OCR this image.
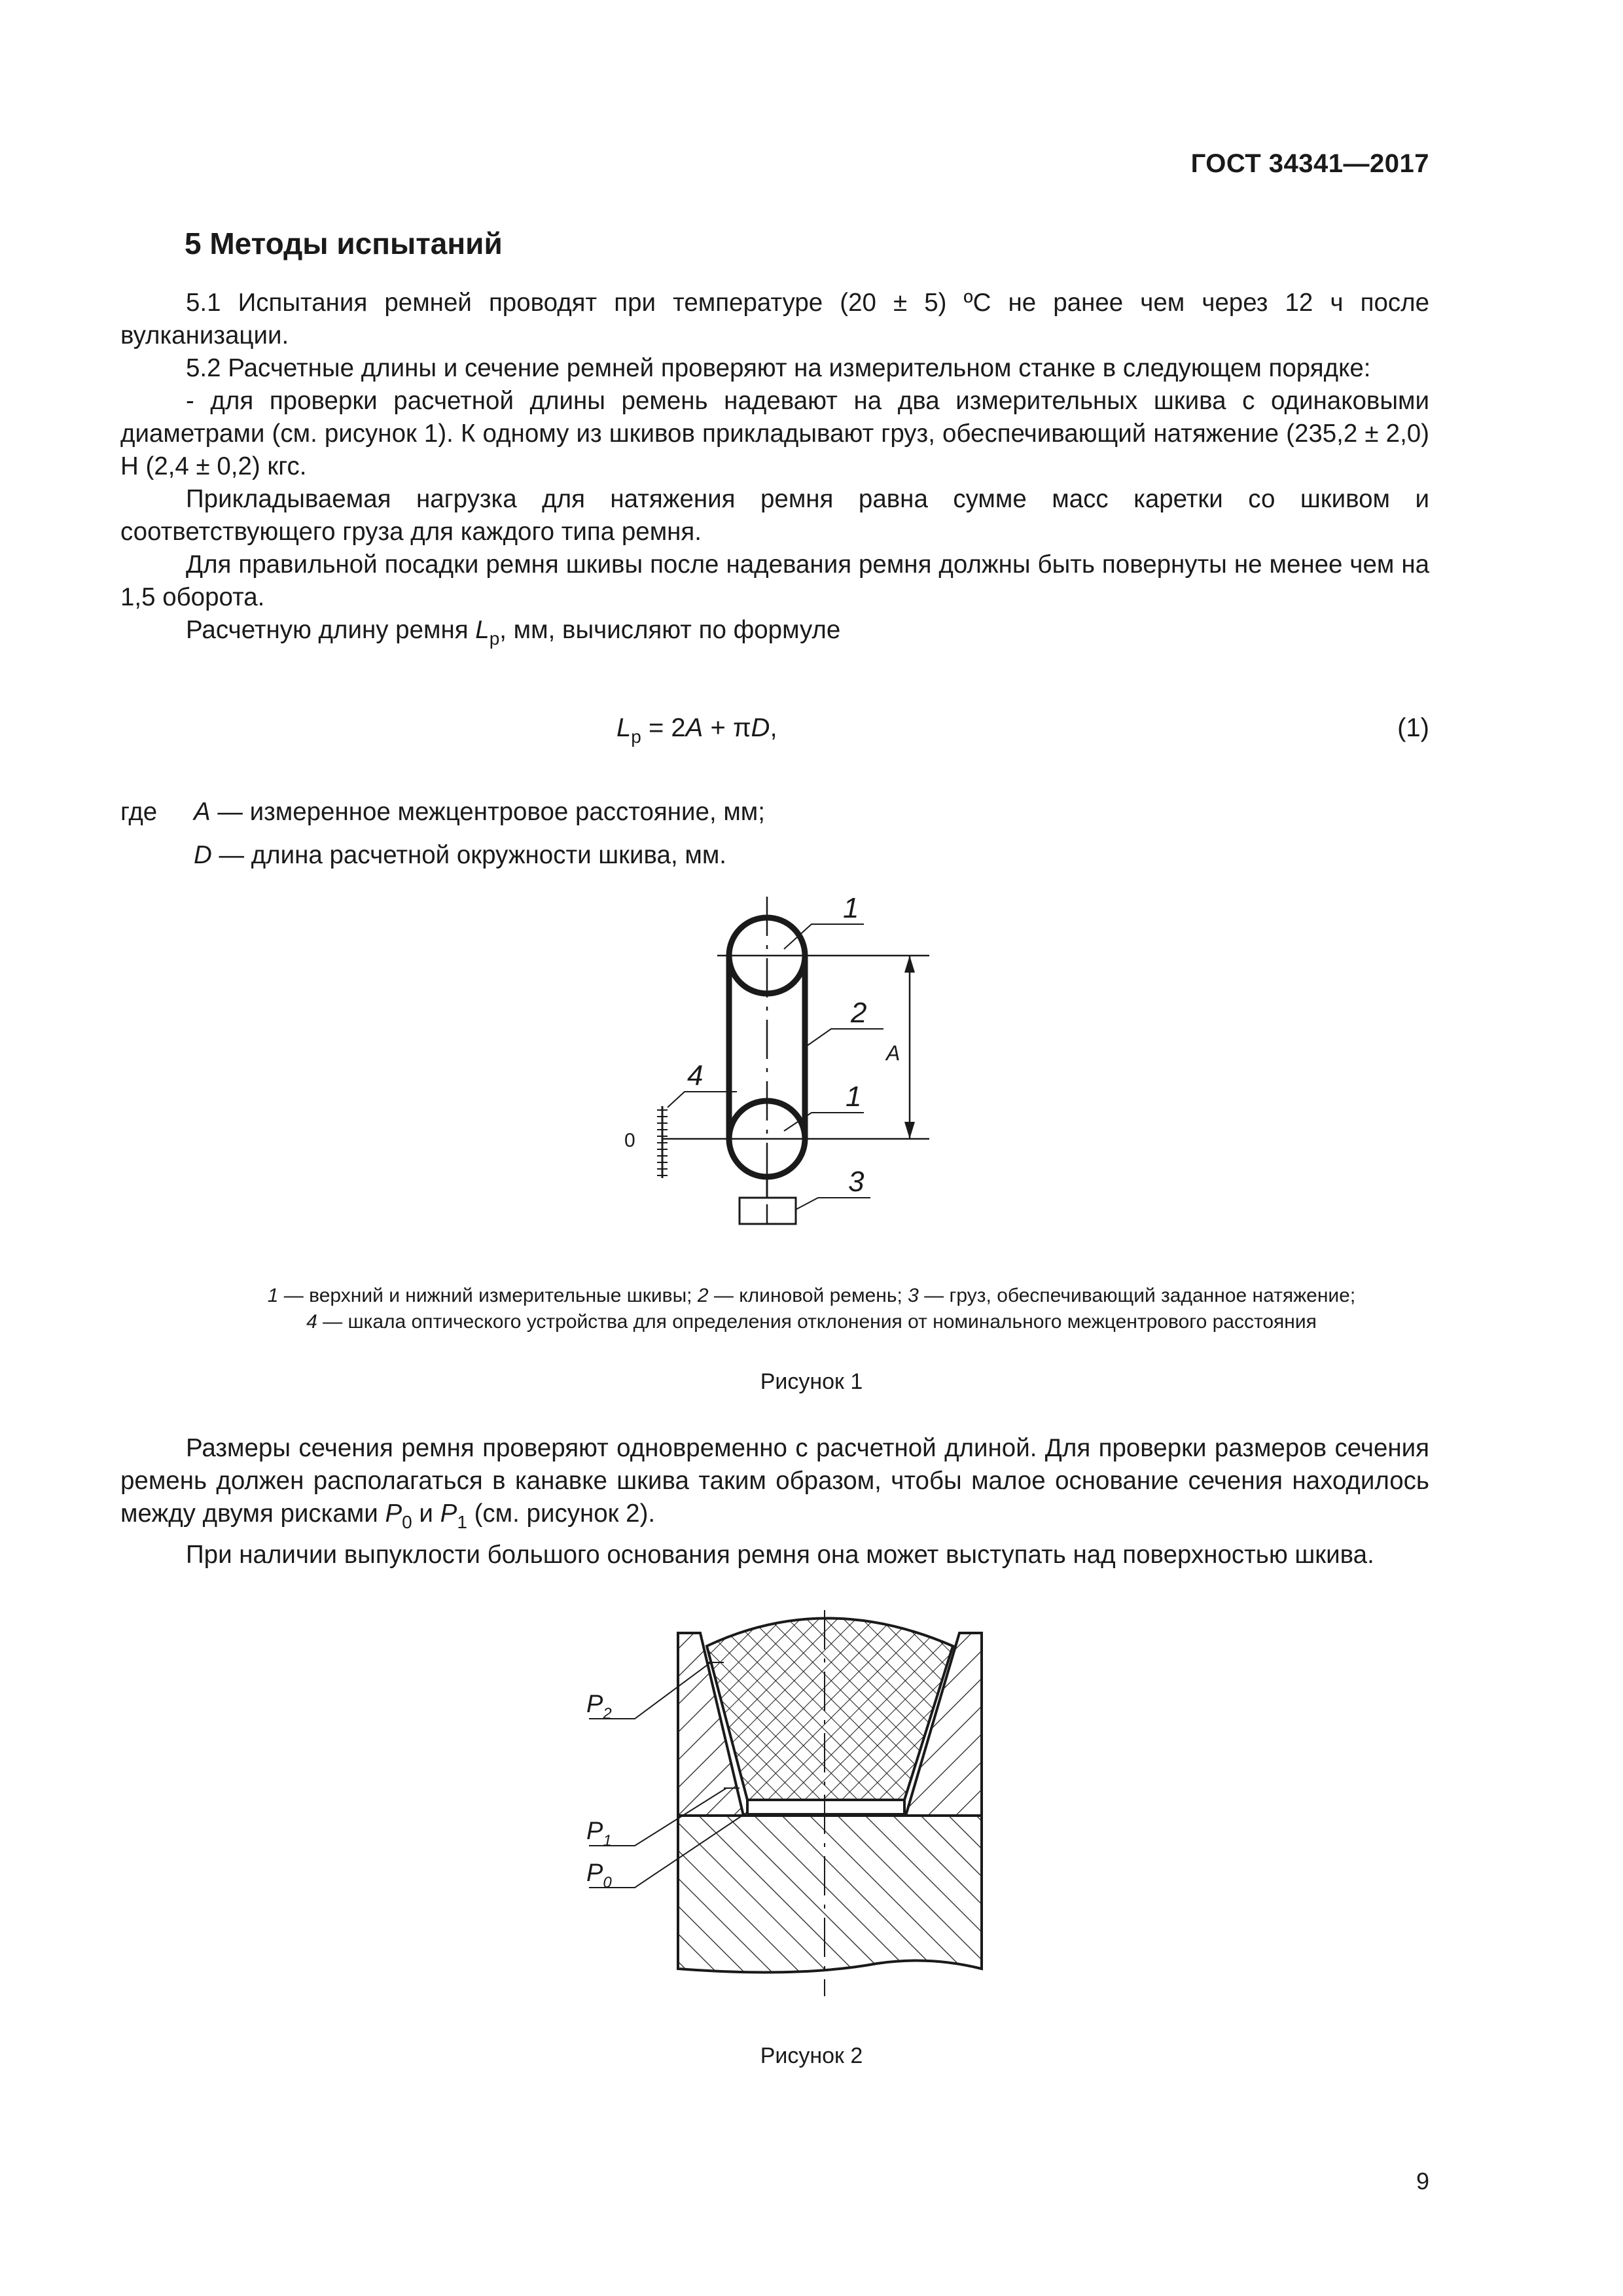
ГОСТ 34341—2017
5 Методы испытаний

5.1 Испытания ремней проводят при температуре (20 ± 5) ºС не ранее чем через 12 ч после вулканизации.

5.2 Расчетные длины и сечение ремней проверяют на измерительном станке в следующем порядке:

- для проверки расчетной длины ремень надевают на два измерительных шкива с одинаковыми диаметрами (см. рисунок 1). К одному из шкивов прикладывают груз, обеспечивающий натяжение (235,2 ± 2,0) Н (2,4 ± 0,2) кгс.

Прикладываемая нагрузка для натяжения ремня равна сумме масс каретки со шкивом и соответствующего груза для каждого типа ремня.

Для правильной посадки ремня шкивы после надевания ремня должны быть повернуты не менее чем на 1,5 оборота.

Расчетную длину ремня $L_p$, мм, вычисляют по формуле

$L_p = 2A + \pi D$,	(1)
где A — измеренное межцентровое расстояние, мм;
D — длина расчетной окружности шкива, мм.
1
2
1
3
4
А
0
1 — верхний и нижний измерительные шкивы; 2 — клиновой ремень; 3 — груз, обеспечивающий заданное натяжение;
4 — шкала оптического устройства для определения отклонения от номинального межцентрового расстояния
Рисунок 1

Размеры сечения ремня проверяют одновременно с расчетной длиной. Для проверки размеров сечения ремень должен располагаться в канавке шкива таким образом, чтобы малое основание сечения находилось между двумя рисками $P_0$ и $P_1$ (см. рисунок 2).

При наличии выпуклости большого основания ремня она может выступать над поверхностью шкива.

$P_2$
$P_1$
$P_0$
Рисунок 2
9
